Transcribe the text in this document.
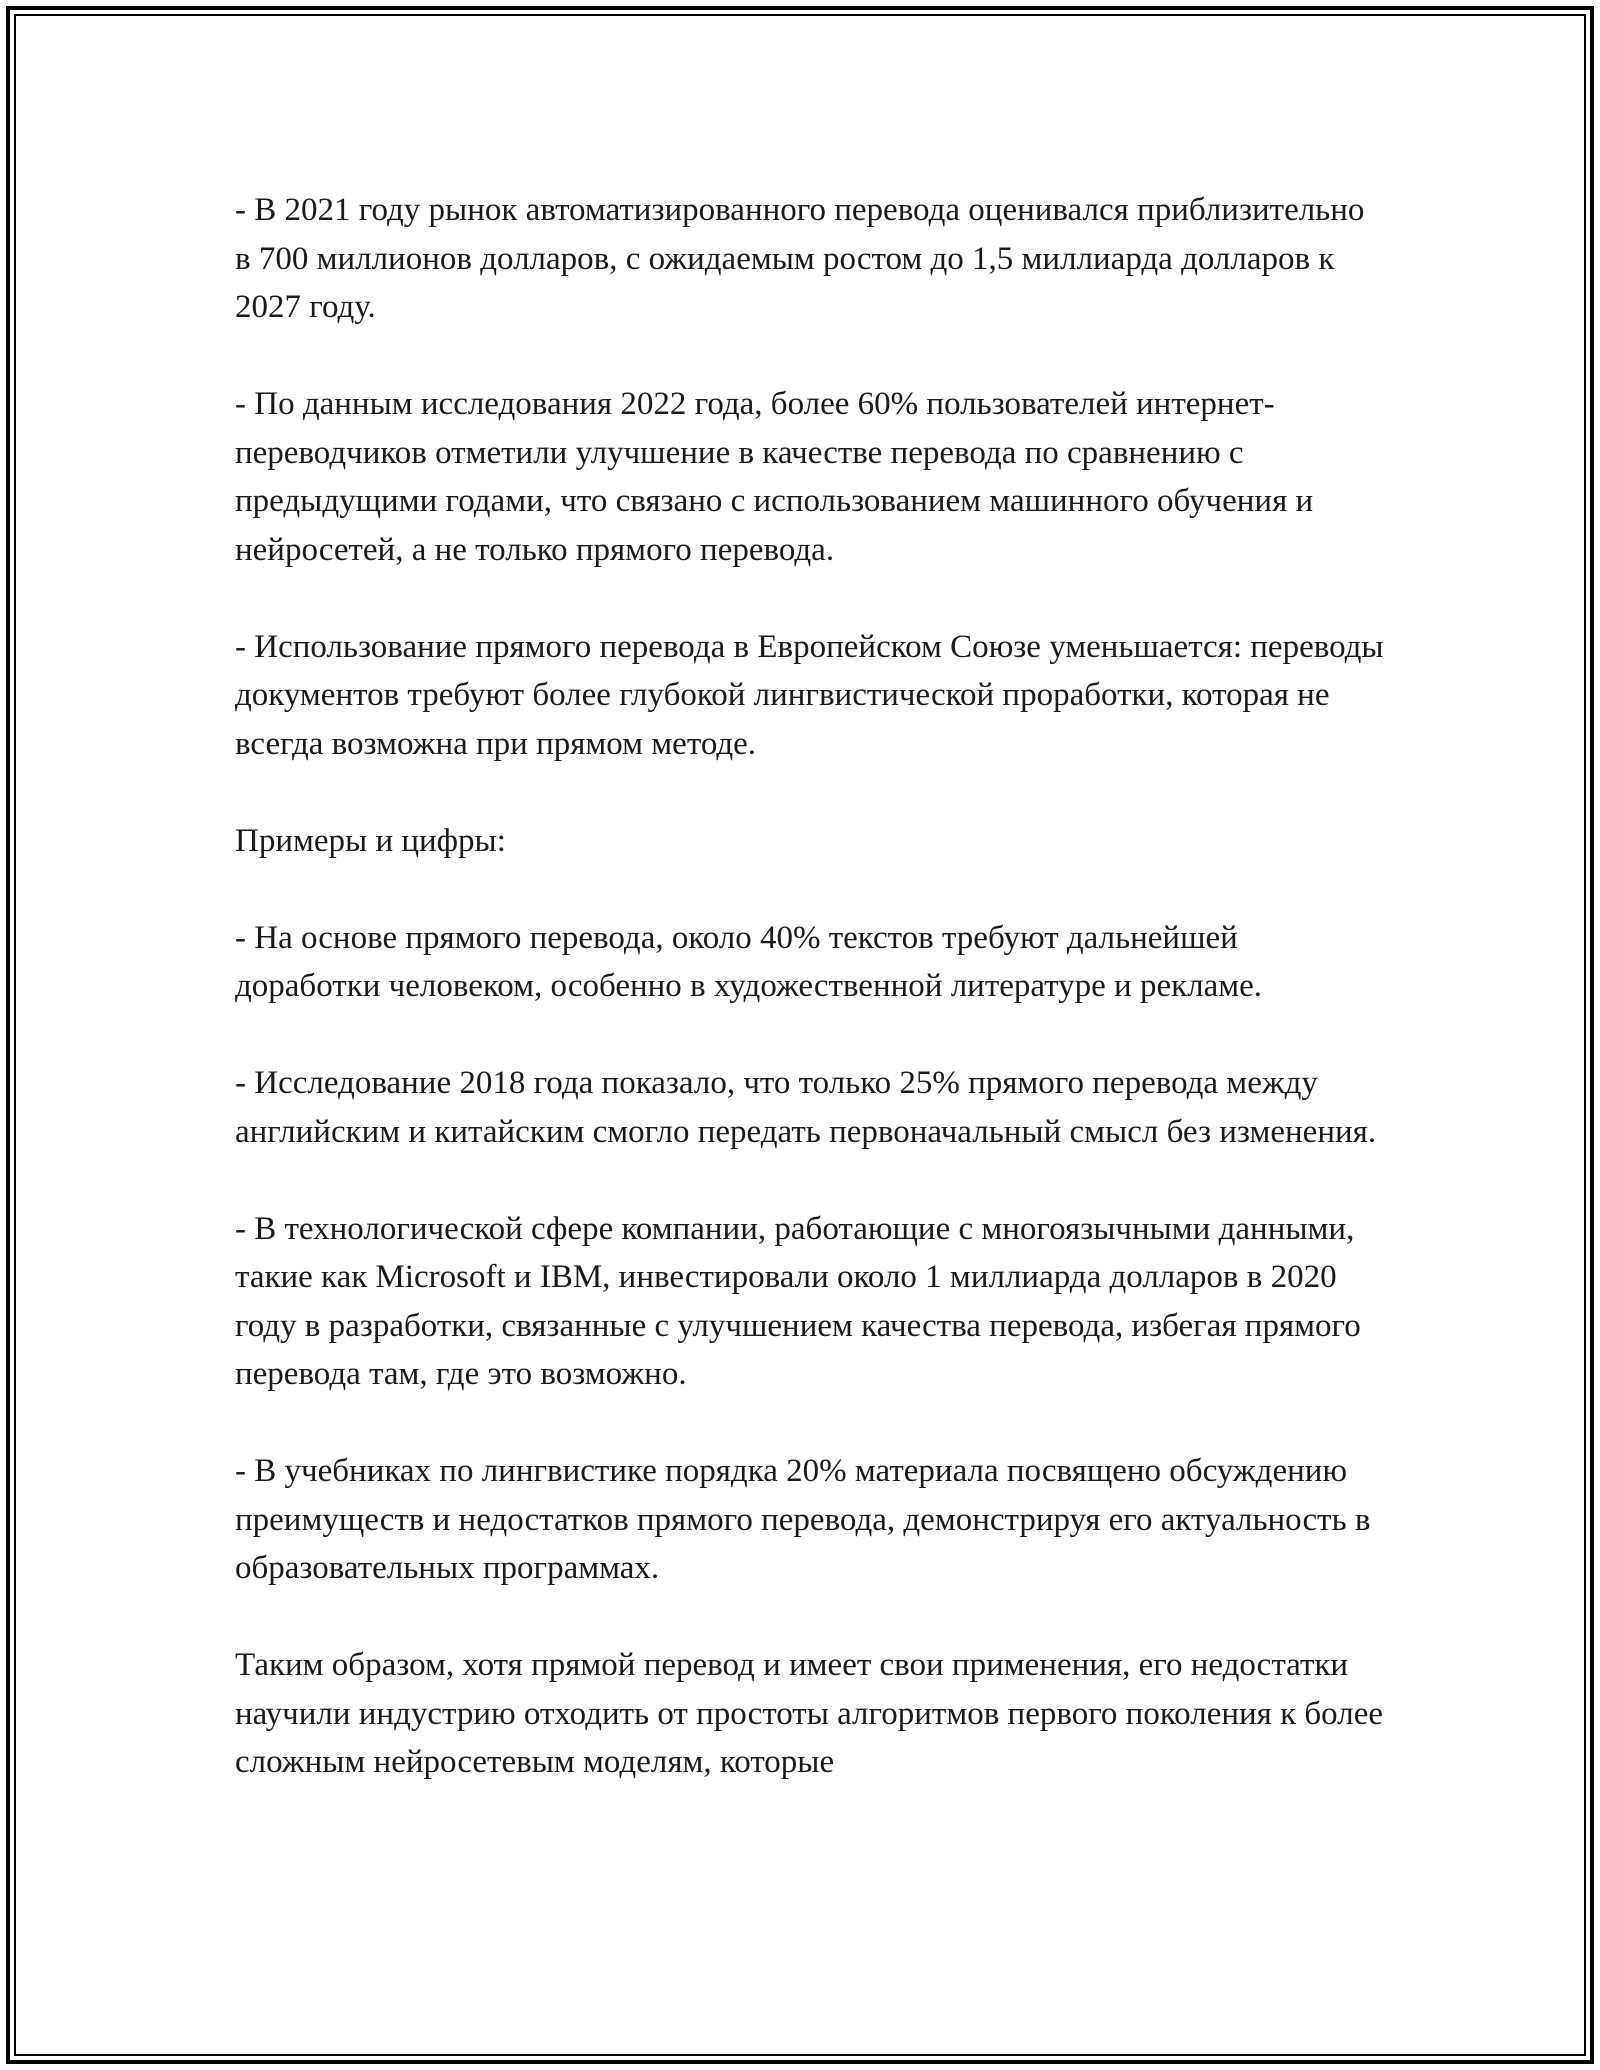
- В 2021 году рынок автоматизированного перевода оценивался приблизительно в 700 миллионов долларов, с ожидаемым ростом до 1,5 миллиарда долларов к 2027 году.

- По данным исследования 2022 года, более 60% пользователей интернет-переводчиков отметили улучшение в качестве перевода по сравнению с предыдущими годами, что связано с использованием машинного обучения и нейросетей, а не только прямого перевода.

- Использование прямого перевода в Европейском Союзе уменьшается: переводы документов требуют более глубокой лингвистической проработки, которая не всегда возможна при прямом методе.

Примеры и цифры:

- На основе прямого перевода, около 40% текстов требуют дальнейшей доработки человеком, особенно в художественной литературе и рекламе.

- Исследование 2018 года показало, что только 25% прямого перевода между английским и китайским смогло передать первоначальный смысл без изменения.

- В технологической сфере компании, работающие с многоязычными данными, такие как Microsoft и IBM, инвестировали около 1 миллиарда долларов в 2020 году в разработки, связанные с улучшением качества перевода, избегая прямого перевода там, где это возможно.

- В учебниках по лингвистике порядка 20% материала посвящено обсуждению преимуществ и недостатков прямого перевода, демонстрируя его актуальность в образовательных программах.

Таким образом, хотя прямой перевод и имеет свои применения, его недостатки научили индустрию отходить от простоты алгоритмов первого поколения к более сложным нейросетевым моделям, которые
